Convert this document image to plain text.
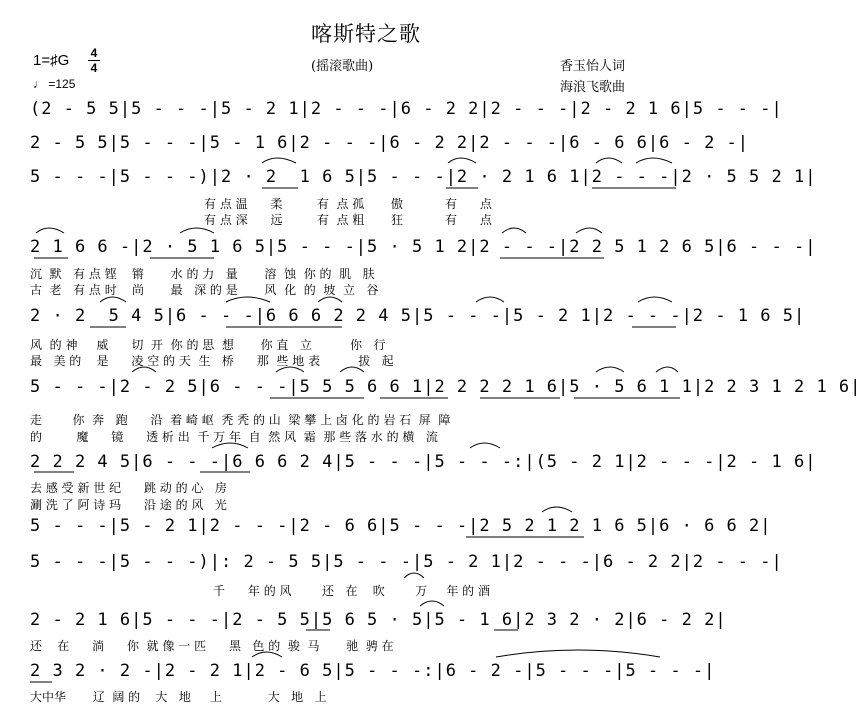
喀斯特之歌
1=♯G 4
4
♩ =125
(摇滚歌曲)	香玉怡人词
海浪飞歌曲
(2 - 5 5|5 - - -|5 - 2 1|2 - - -|6 - 2 2|2 - - -|2 - 2 1 6|5 - - -|
2 - 5 5|5 - - -|5 - 1 6|2 - - -|6 - 2 2|2 - - -|6 - 6 6|6 - 2 -|
5 - - -|5 - - -)|2 · 2  1 6 5|5 - - -|2 · 2 1 6 1|2 - - -|2 · 5 5 2 1|
2 1 6 6 -|2 · 5 1 6 5|5 - - -|5 · 5 1 2|2 - - -|2 2 5 1 2 6 5|6 - - -|
2 · 2  5 4 5|6 - - -|6 6 6 2 2 4 5|5 - - -|5 - 2 1|2 - - -|2 - 1 6 5|
5 - - -|2 - 2 5|6 - - -|5 5 5 6 6 1|2 2 2 2 1 6|5 · 5 6 1 1|2 2 3 1 2 1 6|
2 2 2 4 5|6 - - -|6 6 6 2 4|5 - - -|5 - - -:|(5 - 2 1|2 - - -|2 - 1 6|
5 - - -|5 - 2 1|2 - - -|2 - 6 6|5 - - -|2 5 2 1 2 1 6 5|6 · 6 6 2|
5 - - -|5 - - -)|: 2 - 5 5|5 - - -|5 - 2 1|2 - - -|6 - 2 2|2 - - -|
2 - 2 1 6|5 - - -|2 - 5 5|5 6 5 · 5|5 - 1 6|2 3 2 · 2|6 - 2 2|
2 3 2 · 2 -|2 - 2 1|2 - 6 5|5 - - -:|6 - 2 -|5 - - -|5 - - -|
有 点 温      柔         有  点 孤       傲           有      点
有 点 深      远         有  点 粗       狂           有      点
沉  默   有 点 铿    锵       水 的 力   量       溶  蚀  你 的  肌   肤
古  老   有 点 时    尚       最   深 的 是       风  化  的  坡  立   谷
风  的 神     威      切  开  你 的 思  想       你 直   立          你   行
最   美 的    是      凌 空 的 天  生   桥      那  些 地 表          拔   起
走        你  奔   跑      沿  着 崎 岖  秃 秃 的 山  梁 攀 上 卤 化 的 岩 石  屏  障
的         魔      镜      透 析 出  千 万 年  自  然 风  霜  那 些 落 水 的 横   流
去 感 受 新 世 纪      跳 动 的 心   房
涮 洗 了 阿 诗 玛      沿 途 的 风   光
千      年 的 风        还   在    吹        万     年 的 酒
还    在      淌      你  就 像 一 匹      黑   色 的  骏  马       驰  骋 在
大中华       辽  阔 的    大   地     上            大   地   上
